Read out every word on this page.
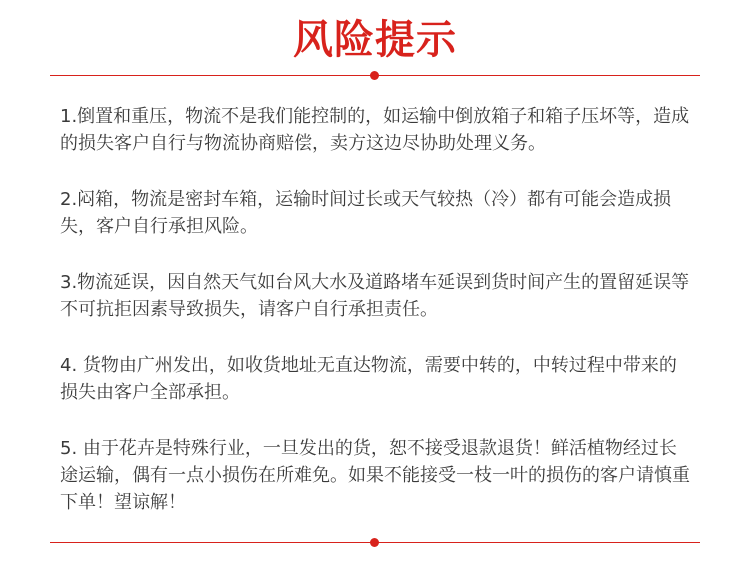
风险提示

1.倒置和重压，物流不是我们能控制的，如运输中倒放箱子和箱子压坏等，造成的损失客户自行与物流协商赔偿，卖方这边尽协助处理义务。

2.闷箱，物流是密封车箱，运输时间过长或天气较热（冷）都有可能会造成损失，客户自行承担风险。

3.物流延误，因自然天气如台风大水及道路堵车延误到货时间产生的置留延误等不可抗拒因素导致损失，请客户自行承担责任。

4. 货物由广州发出，如收货地址无直达物流，需要中转的，中转过程中带来的损失由客户全部承担。

5. 由于花卉是特殊行业，一旦发出的货，恕不接受退款退货！鲜活植物经过长途运输，偶有一点小损伤在所难免。如果不能接受一枝一叶的损伤的客户请慎重下单！望谅解！
